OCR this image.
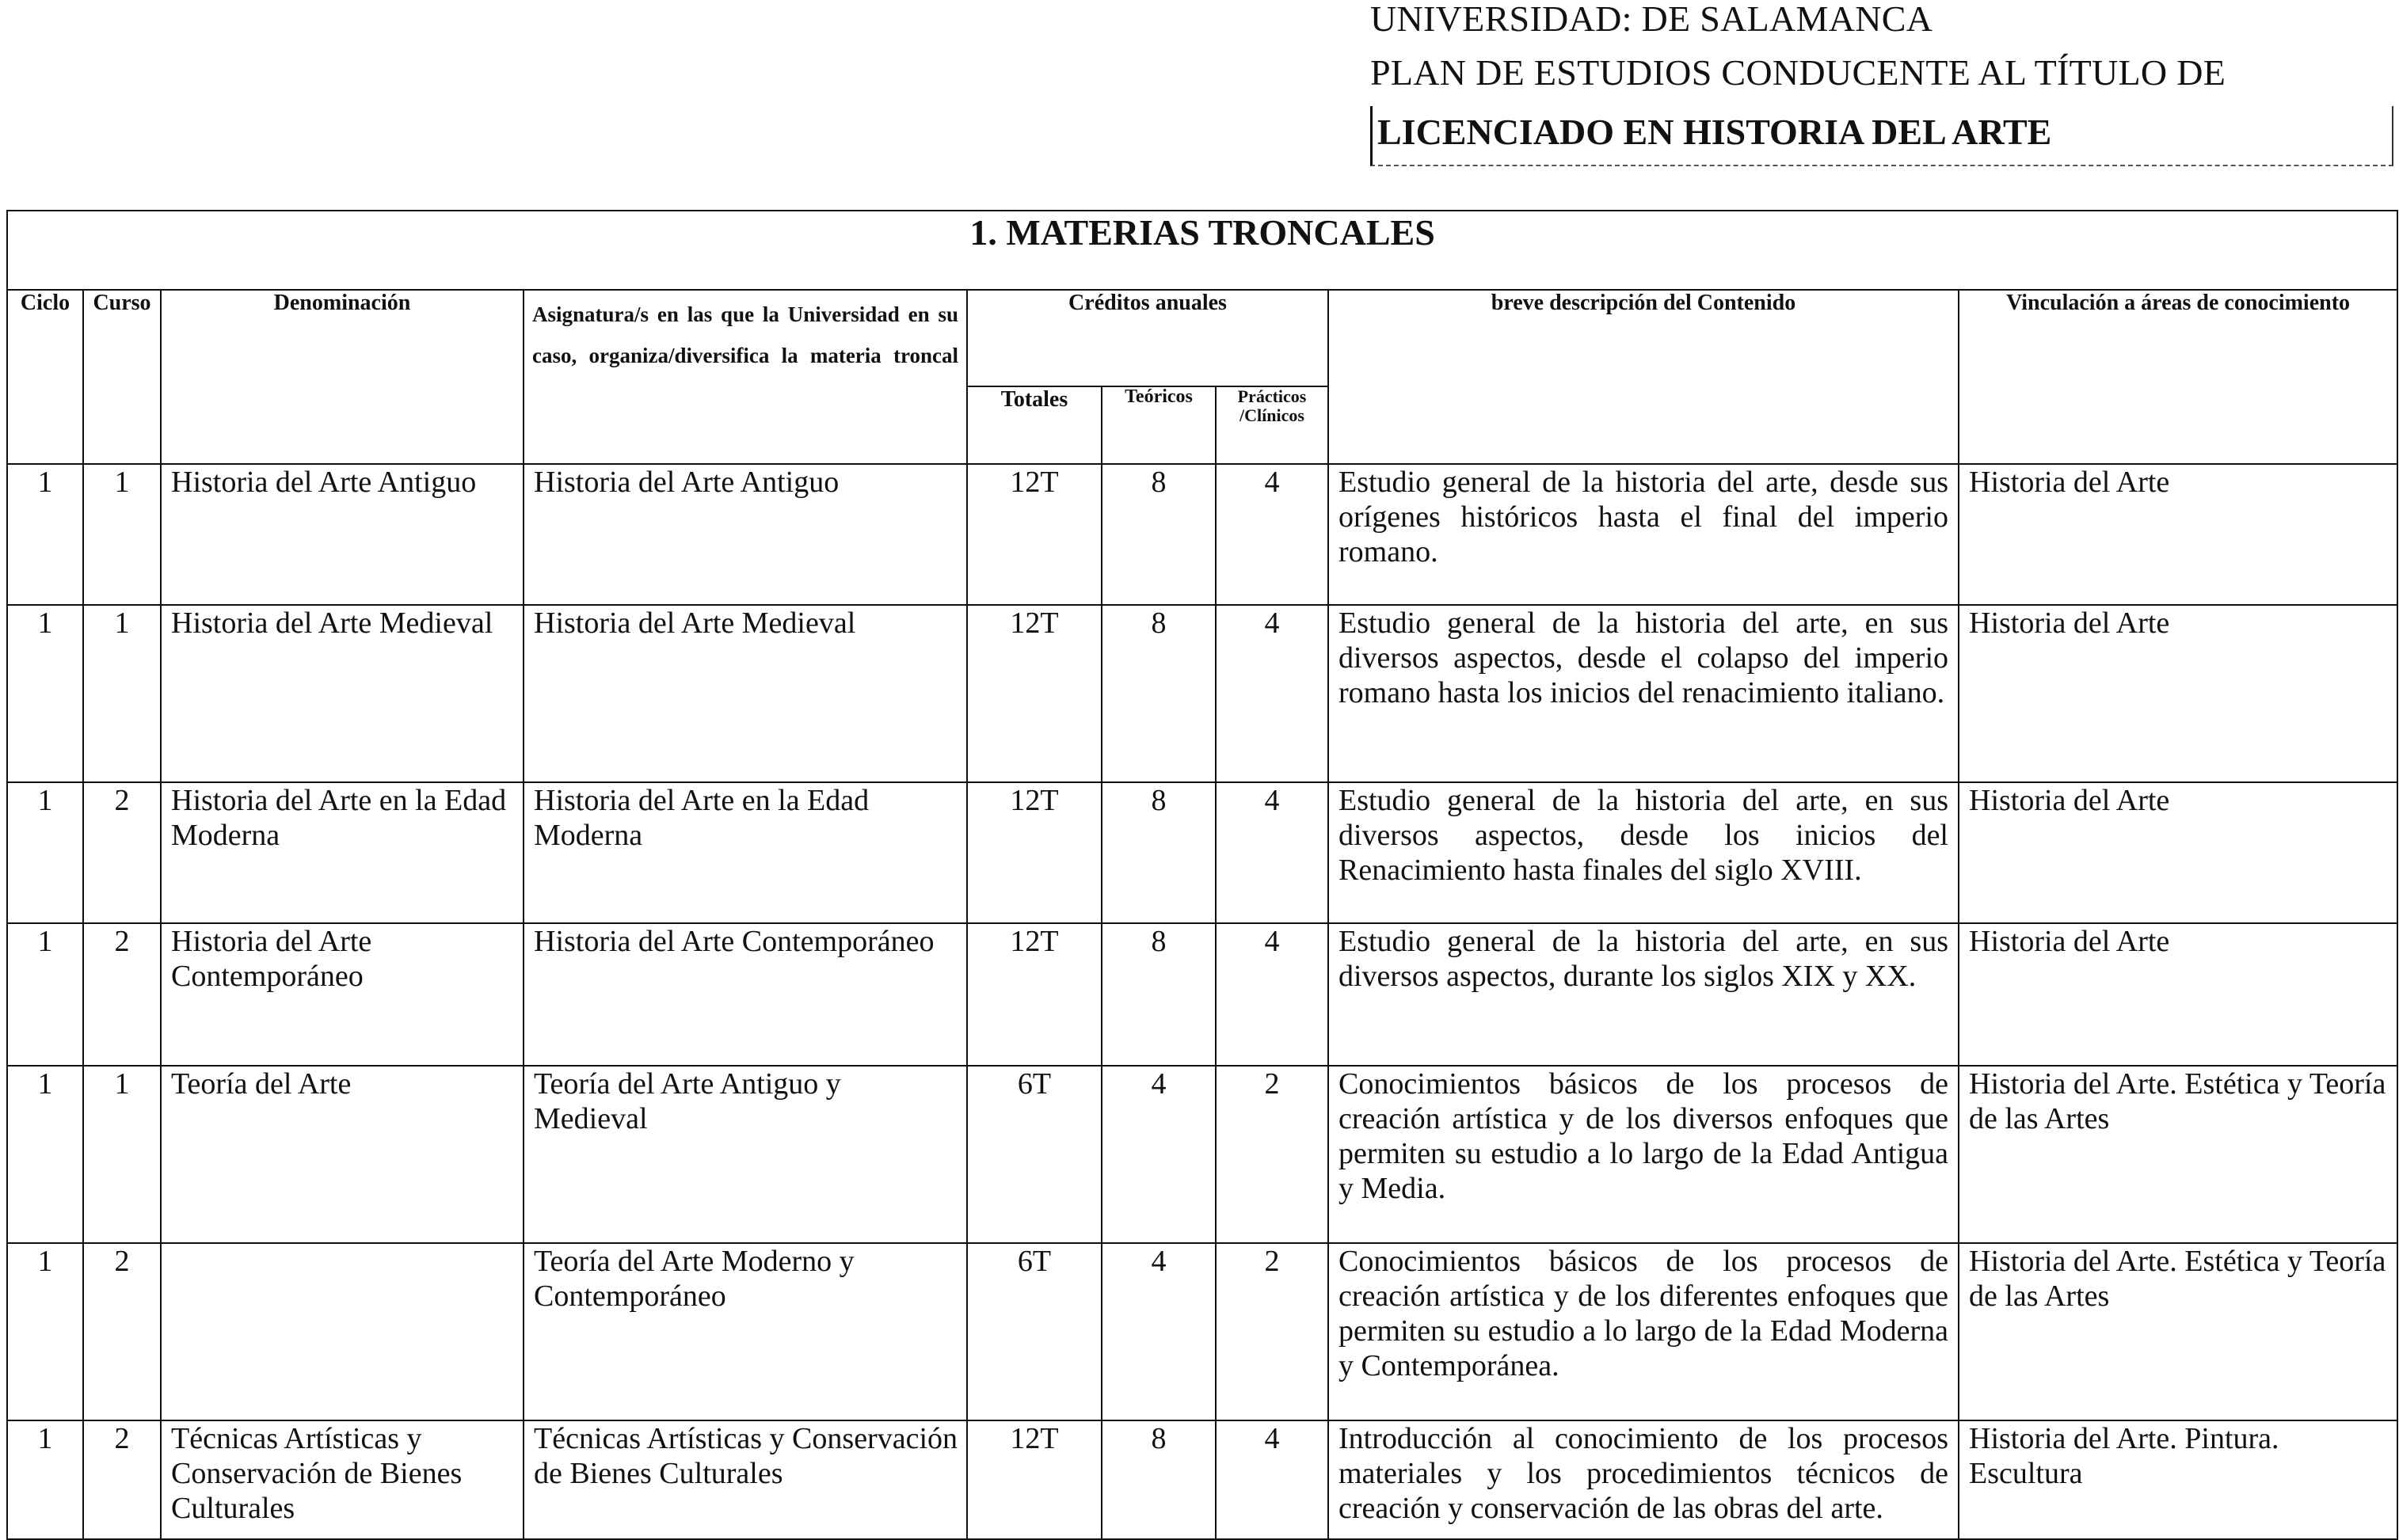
UNIVERSIDAD: DE SALAMANCA
PLAN DE ESTUDIOS CONDUCENTE AL TÍTULO DE
LICENCIADO EN HISTORIA DEL ARTE
1. MATERIAS TRONCALES								
Ciclo	Curso	Denominación	Asignatura/s en las que la Universidad en su caso, organiza/diversifica la materia troncal	Créditos anuales			breve descripción del Contenido	Vinculación a áreas de conocimiento
				Totales	Teóricos	Prácticos /Clínicos		
1	1	Historia del Arte Antiguo	Historia del Arte Antiguo	12T	8	4	Estudio general de la historia del arte, desde sus orígenes históricos hasta el final del imperio romano.	Historia del Arte
1	1	Historia del Arte Medieval	Historia del Arte Medieval	12T	8	4	Estudio general de la historia del arte, en sus diversos aspectos, desde el colapso del imperio romano hasta los inicios del renacimiento italiano.	Historia del Arte
1	2	Historia del Arte en la Edad Moderna	Historia del Arte en la Edad Moderna	12T	8	4	Estudio general de la historia del arte, en sus diversos aspectos, desde los inicios del Renacimiento hasta finales del siglo XVIII.	Historia del Arte
1	2	Historia del Arte Contemporáneo	Historia del Arte Contemporáneo	12T	8	4	Estudio general de la historia del arte, en sus diversos aspectos, durante los siglos XIX y XX.	Historia del Arte
1	1	Teoría del Arte	Teoría del Arte Antiguo y Medieval	6T	4	2	Conocimientos básicos de los procesos de creación artística y de los diversos enfoques que permiten su estudio a lo largo de la Edad Antigua y Media.	Historia del Arte. Estética y Teoría de las Artes
1	2		Teoría del Arte Moderno y Contemporáneo	6T	4	2	Conocimientos básicos de los procesos de creación artística y de los diferentes enfoques que permiten su estudio a lo largo de la Edad Moderna y Contemporánea.	Historia del Arte. Estética y Teoría de las Artes
1	2	Técnicas Artísticas y Conservación de Bienes Culturales	Técnicas Artísticas y Conservación de Bienes Culturales	12T	8	4	Introducción al conocimiento de los procesos materiales y los procedimientos técnicos de creación y conservación de las obras del arte.	Historia del Arte. Pintura. Escultura
